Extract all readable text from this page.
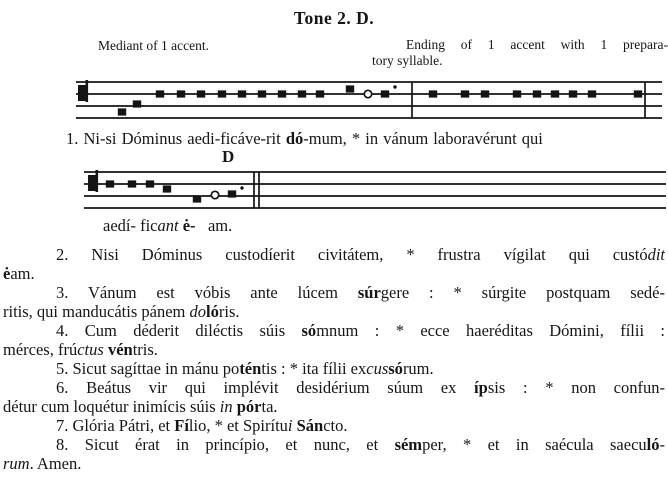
Tone 2. D.
Mediant of 1 accent.	Ending of 1 accent with 1 prepara-
tory syllable.
1. Ni-si Dóminus aedi-ficáve-rit dó-mum, * in vánum laboravérunt qui
D
aedí- ficant ė-   am.
2. Nisi Dóminus custodíerit civitátem, * frustra vígilat qui custódit
ėam.
3. Vánum est vóbis ante lúcem súrgere : * súrgite postquam sedé-
ritis, qui manducátis pánem dolóris.
4. Cum déderit diléctis súis sómnum : * ecce haeréditas Dómini, fílii :
mérces, frúctus véntris.
5. Sicut sagíttae in mánu poténtis : * ita fílii excussórum.
6. Beátus vir qui implévit desidérium súum ex ípsis : * non confun-
détur cum loquétur inimícis súis in pórta.
7. Glória Pátri, et Fílio, * et Spirítui Sáncto.
8. Sicut érat in princípio, et nunc, et sémper, * et in saécula saeculó-
rum. Amen.
